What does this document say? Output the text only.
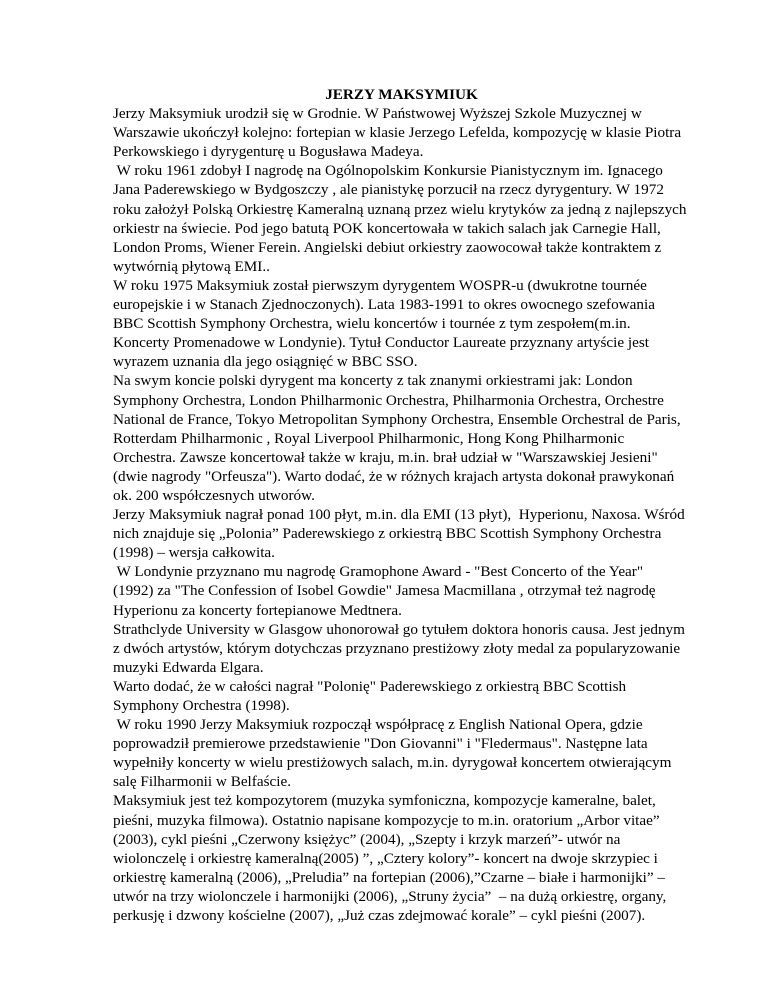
JERZY MAKSYMIUK
Jerzy Maksymiuk urodził się w Grodnie. W Państwowej Wyższej Szkole Muzycznej w
Warszawie ukończył kolejno: fortepian w klasie Jerzego Lefelda, kompozycję w klasie Piotra
Perkowskiego i dyrygenturę u Bogusława Madeya.
W roku 1961 zdobył I nagrodę na Ogólnopolskim Konkursie Pianistycznym im. Ignacego
Jana Paderewskiego w Bydgoszczy , ale pianistykę porzucił na rzecz dyrygentury. W 1972
roku założył Polską Orkiestrę Kameralną uznaną przez wielu krytyków za jedną z najlepszych
orkiestr na świecie. Pod jego batutą POK koncertowała w takich salach jak Carnegie Hall,
London Proms, Wiener Ferein. Angielski debiut orkiestry zaowocował także kontraktem z
wytwórnią płytową EMI..
W roku 1975 Maksymiuk został pierwszym dyrygentem WOSPR-u (dwukrotne tournée
europejskie i w Stanach Zjednoczonych). Lata 1983-1991 to okres owocnego szefowania
BBC Scottish Symphony Orchestra, wielu koncertów i tournée z tym zespołem(m.in.
Koncerty Promenadowe w Londynie). Tytuł Conductor Laureate przyznany artyście jest
wyrazem uznania dla jego osiągnięć w BBC SSO.
Na swym koncie polski dyrygent ma koncerty z tak znanymi orkiestrami jak: London
Symphony Orchestra, London Philharmonic Orchestra, Philharmonia Orchestra, Orchestre
National de France, Tokyo Metropolitan Symphony Orchestra, Ensemble Orchestral de Paris,
Rotterdam Philharmonic , Royal Liverpool Philharmonic, Hong Kong Philharmonic
Orchestra. Zawsze koncertował także w kraju, m.in. brał udział w "Warszawskiej Jesieni"
(dwie nagrody "Orfeusza"). Warto dodać, że w różnych krajach artysta dokonał prawykonań
ok. 200 współczesnych utworów.
Jerzy Maksymiuk nagrał ponad 100 płyt, m.in. dla EMI (13 płyt),  Hyperionu, Naxosa. Wśród
nich znajduje się „Polonia” Paderewskiego z orkiestrą BBC Scottish Symphony Orchestra
(1998) – wersja całkowita.
W Londynie przyznano mu nagrodę Gramophone Award - "Best Concerto of the Year"
(1992) za "The Confession of Isobel Gowdie" Jamesa Macmillana , otrzymał też nagrodę
Hyperionu za koncerty fortepianowe Medtnera.
Strathclyde University w Glasgow uhonorował go tytułem doktora honoris causa. Jest jednym
z dwóch artystów, którym dotychczas przyznano prestiżowy złoty medal za popularyzowanie
muzyki Edwarda Elgara.
Warto dodać, że w całości nagrał "Polonię" Paderewskiego z orkiestrą BBC Scottish
Symphony Orchestra (1998).
W roku 1990 Jerzy Maksymiuk rozpoczął współpracę z English National Opera, gdzie
poprowadził premierowe przedstawienie "Don Giovanni" i "Fledermaus". Następne lata
wypełniły koncerty w wielu prestiżowych salach, m.in. dyrygował koncertem otwierającym
salę Filharmonii w Belfaście.
Maksymiuk jest też kompozytorem (muzyka symfoniczna, kompozycje kameralne, balet,
pieśni, muzyka filmowa). Ostatnio napisane kompozycje to m.in. oratorium „Arbor vitae”
(2003), cykl pieśni „Czerwony księżyc” (2004), „Szepty i krzyk marzeń”- utwór na
wiolonczelę i orkiestrę kameralną(2005) ”, „Cztery kolory”- koncert na dwoje skrzypiec i
orkiestrę kameralną (2006), „Preludia” na fortepian (2006),”Czarne – białe i harmonijki” –
utwór na trzy wiolonczele i harmonijki (2006), „Struny życia”  – na dużą orkiestrę, organy,
perkusję i dzwony kościelne (2007), „Już czas zdejmować korale” – cykl pieśni (2007).
